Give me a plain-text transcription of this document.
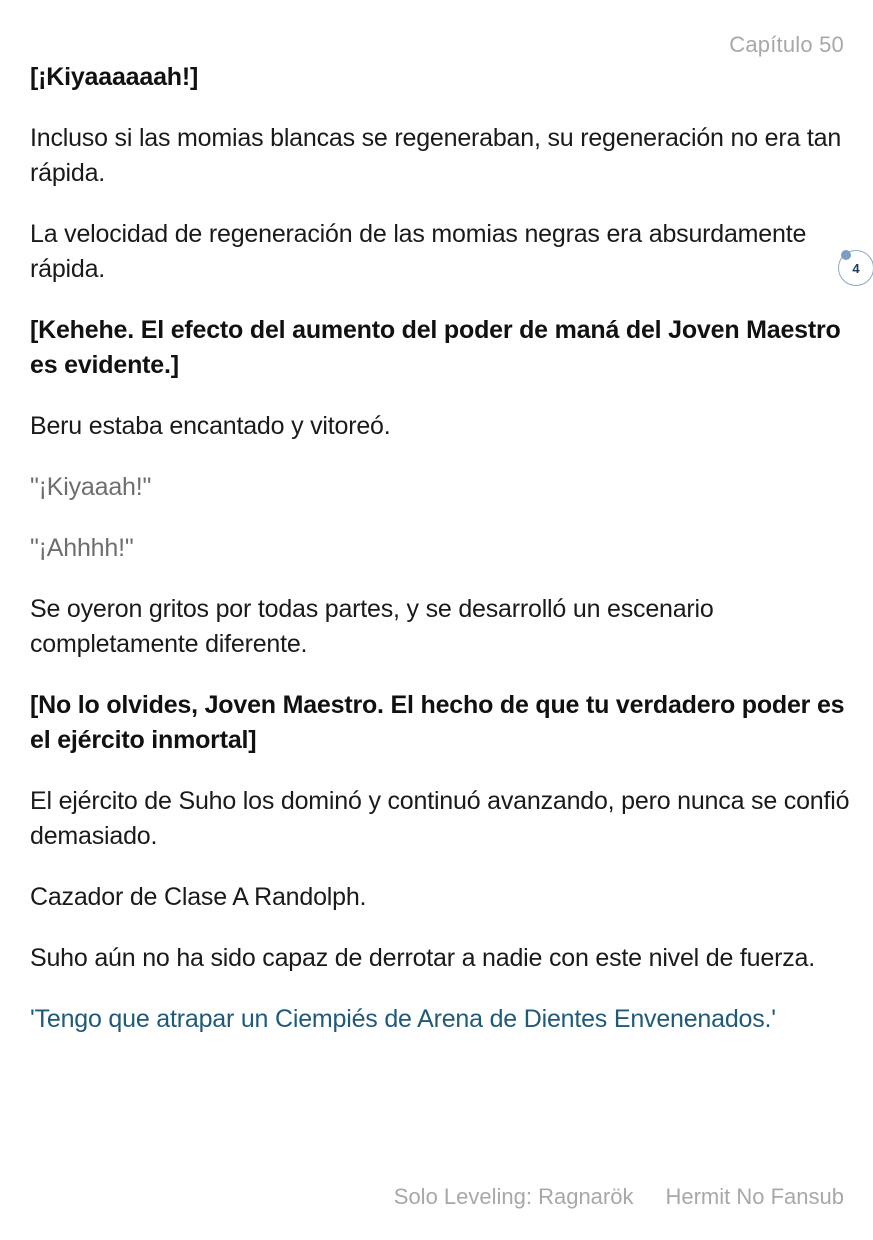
Capítulo 50

[¡Kiyaaaaaah!]

Incluso si las momias blancas se regeneraban, su regeneración no era tan rápida.

La velocidad de regeneración de las momias negras era absurdamente rápida.

[Kehehe. El efecto del aumento del poder de maná del Joven Maestro es evidente.]

Beru estaba encantado y vitoreó.

"¡Kiyaaah!"

"¡Ahhhh!"

Se oyeron gritos por todas partes, y se desarrolló un escenario completamente diferente.

[No lo olvides, Joven Maestro. El hecho de que tu verdadero poder es el ejército inmortal]

El ejército de Suho los dominó y continuó avanzando, pero nunca se confió demasiado.

Cazador de Clase A Randolph.

Suho aún no ha sido capaz de derrotar a nadie con este nivel de fuerza.

'Tengo que atrapar un Ciempiés de Arena de Dientes Envenenados.'

4
Solo Leveling: Ragnarök Hermit No Fansub
